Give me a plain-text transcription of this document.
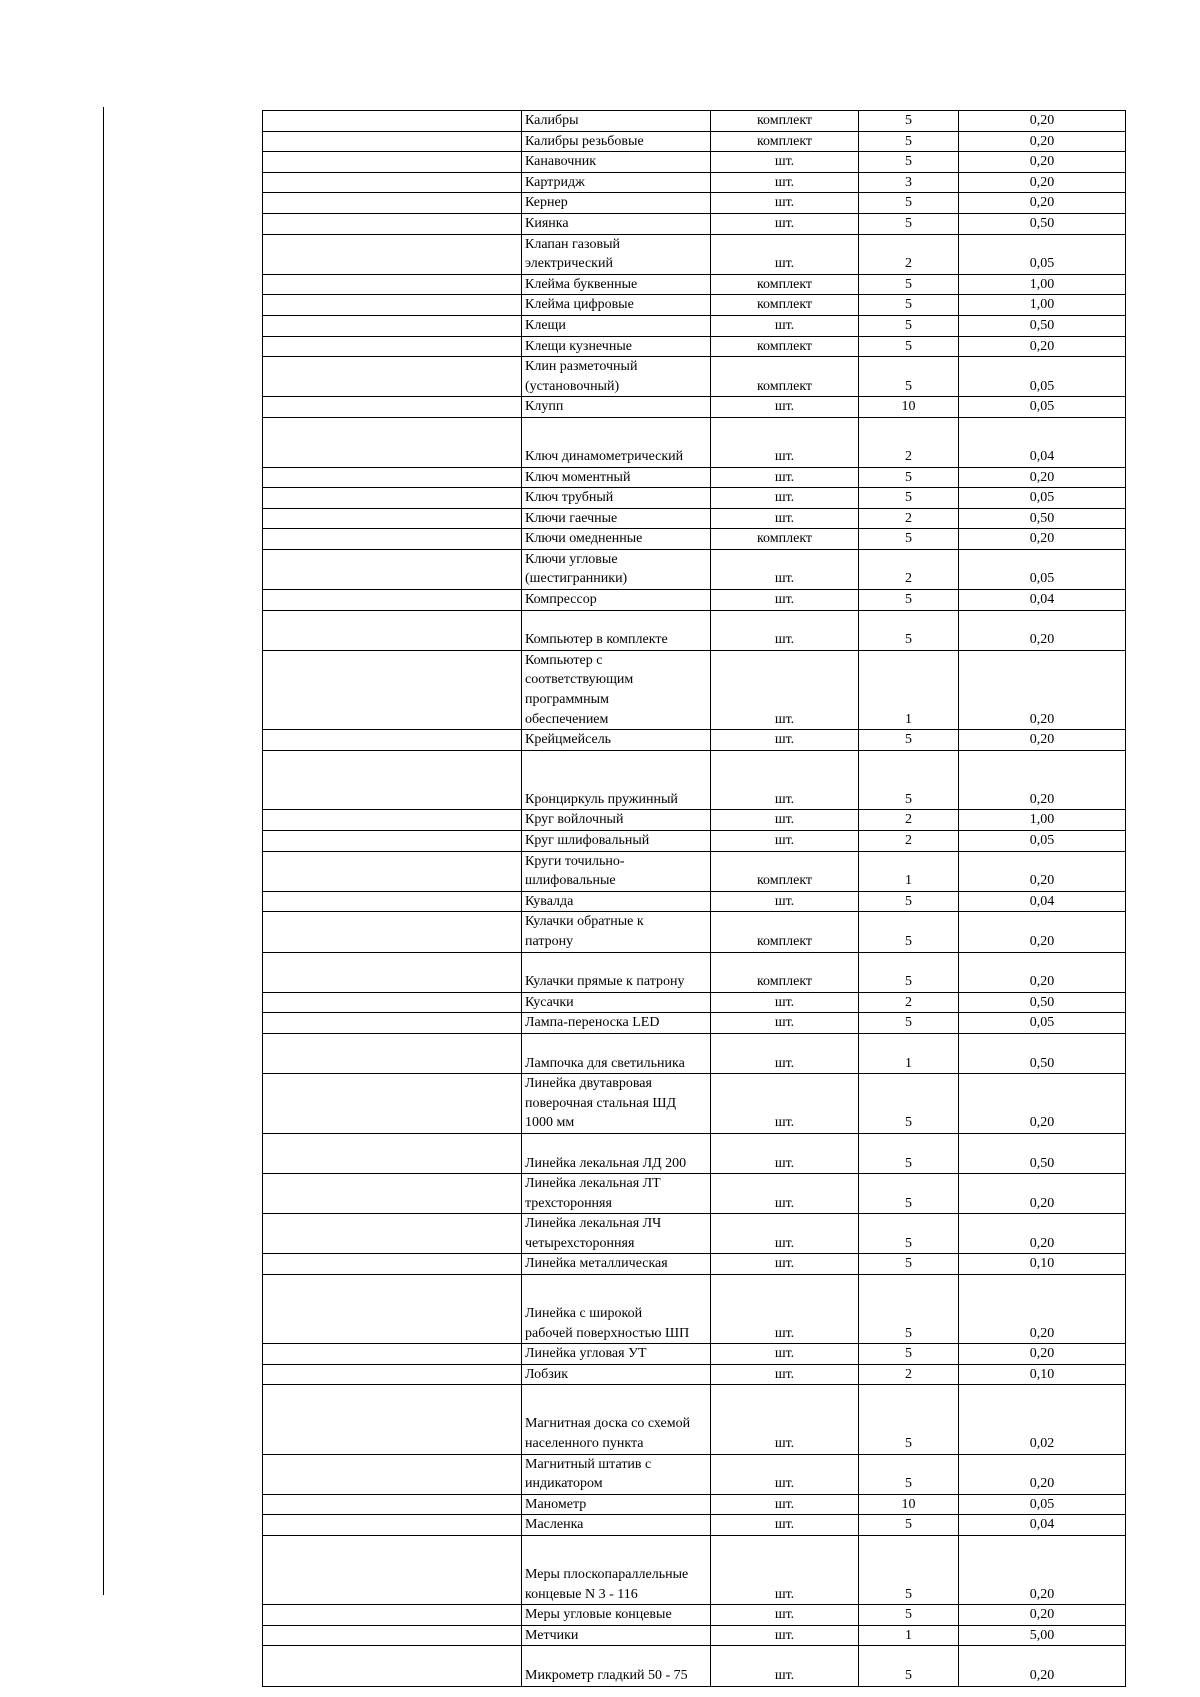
	Калибры	комплект	5	0,20
	Калибры резьбовые	комплект	5	0,20
	Канавочник	шт.	5	0,20
	Картридж	шт.	3	0,20
	Кернер	шт.	5	0,20
	Киянка	шт.	5	0,50
	Клапан газовый
электрический	шт.	2	0,05
	Клейма буквенные	комплект	5	1,00
	Клейма цифровые	комплект	5	1,00
	Клещи	шт.	5	0,50
	Клещи кузнечные	комплект	5	0,20
	Клин разметочный
(установочный)	комплект	5	0,05
	Клупп	шт.	10	0,05

Ключ динамометрический	шт.	2	0,04
	Ключ моментный	шт.	5	0,20
	Ключ трубный	шт.	5	0,05
	Ключи гаечные	шт.	2	0,50
	Ключи омедненные	комплект	5	0,20
	Ключи угловые
(шестигранники)	шт.	2	0,05
	Компрессор	шт.	5	0,04

Компьютер в комплекте	шт.	5	0,20
	Компьютер с
соответствующим
программным
обеспечением	шт.	1	0,20
	Крейцмейсель	шт.	5	0,20

Кронциркуль пружинный	шт.	5	0,20
	Круг войлочный	шт.	2	1,00
	Круг шлифовальный	шт.	2	0,05
	Круги точильно-
шлифовальные	комплект	1	0,20
	Кувалда	шт.	5	0,04
	Кулачки обратные к
патрону	комплект	5	0,20

Кулачки прямые к патрону	комплект	5	0,20
	Кусачки	шт.	2	0,50
	Лампа-переноска LED	шт.	5	0,05

Лампочка для светильника	шт.	1	0,50
	Линейка двутавровая
поверочная стальная ШД
1000 мм	шт.	5	0,20

Линейка лекальная ЛД 200	шт.	5	0,50
	Линейка лекальная ЛТ
трехсторонняя	шт.	5	0,20
	Линейка лекальная ЛЧ
четырехсторонняя	шт.	5	0,20
	Линейка металлическая	шт.	5	0,10

Линейка с широкой
рабочей поверхностью ШП	шт.	5	0,20
	Линейка угловая УТ	шт.	5	0,20
	Лобзик	шт.	2	0,10

Магнитная доска со схемой
населенного пункта	шт.	5	0,02
	Магнитный штатив с
индикатором	шт.	5	0,20
	Манометр	шт.	10	0,05
	Масленка	шт.	5	0,04

Меры плоскопараллельные
концевые N 3 - 116	шт.	5	0,20
	Меры угловые концевые	шт.	5	0,20
	Метчики	шт.	1	5,00

Микрометр гладкий 50 - 75	шт.	5	0,20
